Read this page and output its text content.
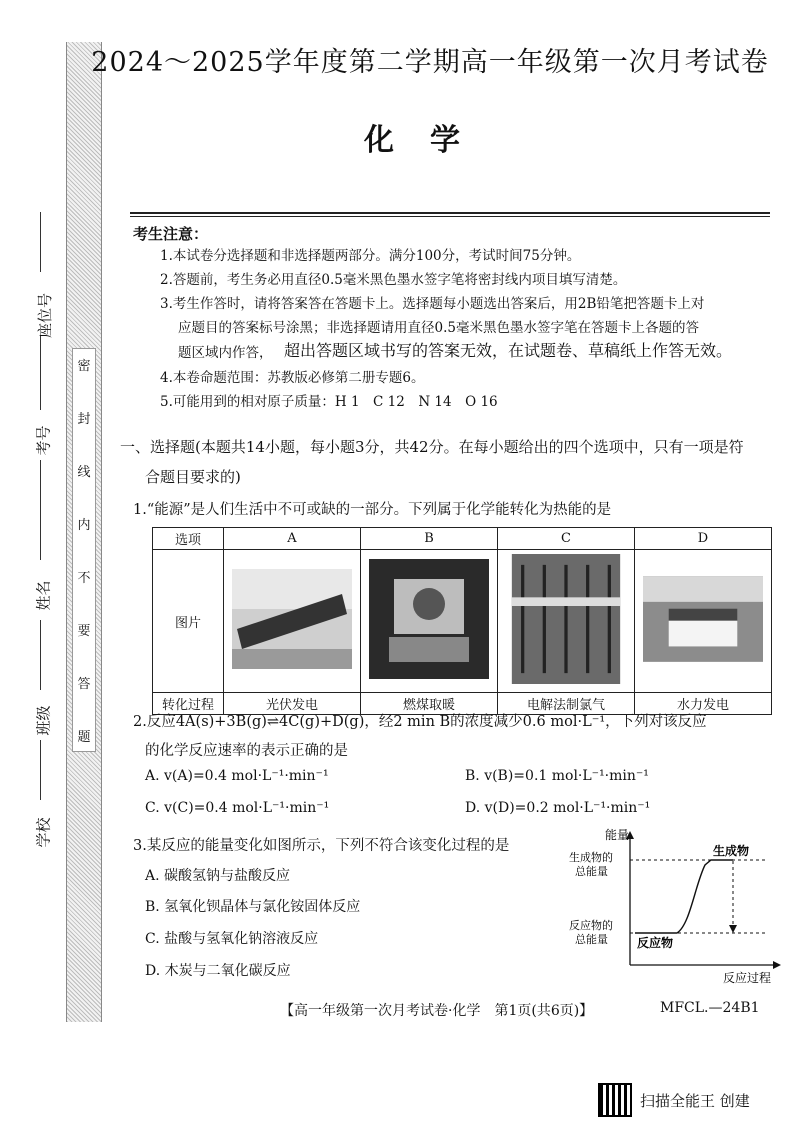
密
封
线
内
不
要
答
题
学校
班级
姓名
考号
座位号
2024～2025学年度第二学期高一年级第一次月考试卷
化学
考生注意：
1.本试卷分选择题和非选择题两部分。满分100分，考试时间75分钟。
2.答题前，考生务必用直径0.5毫米黑色墨水签字笔将密封线内项目填写清楚。
3.考生作答时，请将答案答在答题卡上。选择题每小题选出答案后，用2B铅笔把答题卡上对
应题目的答案标号涂黑；非选择题请用直径0.5毫米黑色墨水签字笔在答题卡上各题的答
题区域内作答， 超出答题区域书写的答案无效，在试题卷、草稿纸上作答无效。
4.本卷命题范围：苏教版必修第二册专题6。
5.可能用到的相对原子质量：H 1　C 12　N 14　O 16
一、选择题(本题共14小题，每小题3分，共42分。在每小题给出的四个选项中，只有一项是符
合题目要求的)
1.“能源”是人们生活中不可或缺的一部分。下列属于化学能转化为热能的是
选项	A	B	C	D
图片				
转化过程	光伏发电	燃煤取暖	电解法制氯气	水力发电
2.反应4A(s)+3B(g)⇌4C(g)+D(g)，经2 min B的浓度减少0.6 mol·L⁻¹，下列对该反应
的化学反应速率的表示正确的是
A. v(A)=0.4 mol·L⁻¹·min⁻¹	B. v(B)=0.1 mol·L⁻¹·min⁻¹
C. v(C)=0.4 mol·L⁻¹·min⁻¹	D. v(D)=0.2 mol·L⁻¹·min⁻¹
3.某反应的能量变化如图所示，下列不符合该变化过程的是
A. 碳酸氢钠与盐酸反应
B. 氢氧化钡晶体与氯化铵固体反应
C. 盐酸与氢氧化钠溶液反应
D. 木炭与二氧化碳反应
能量
反应过程
生成物
反应物
生成物的
总能量
反应物的
总能量
【高一年级第一次月考试卷·化学　第1页(共6页)】	MFCL.—24B1
扫描全能王 创建
